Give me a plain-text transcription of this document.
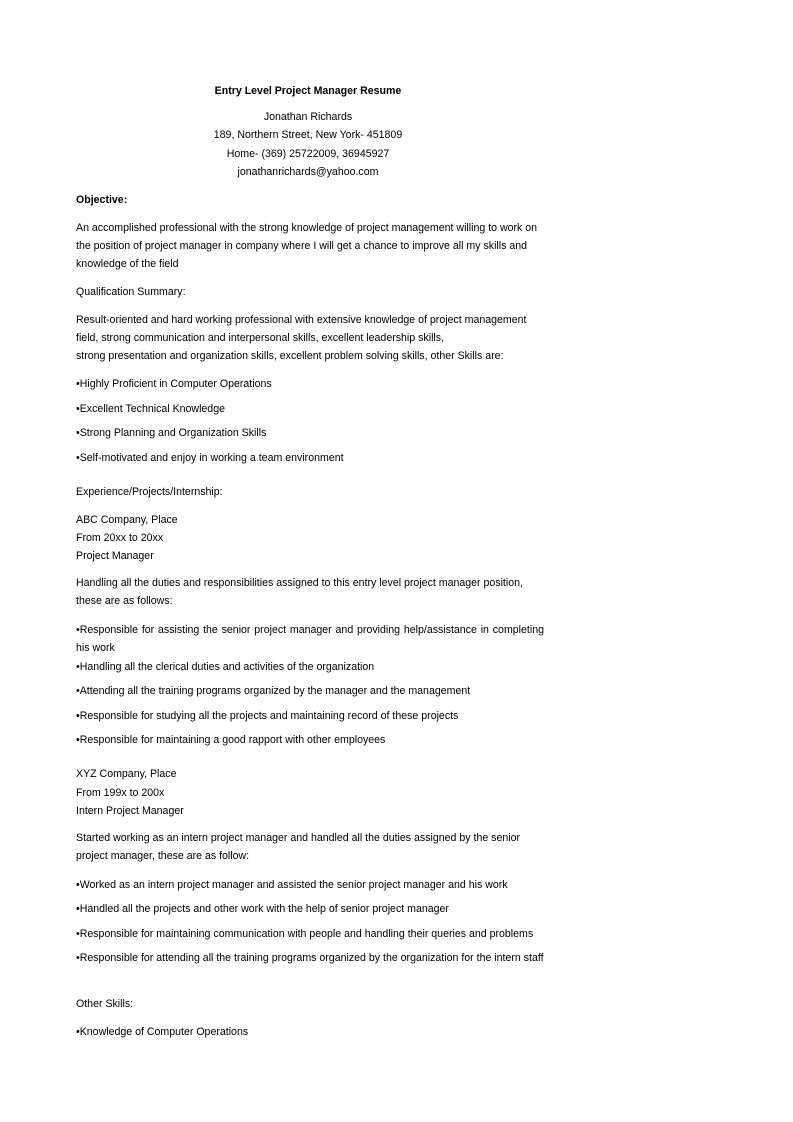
Entry Level Project Manager Resume
Jonathan Richards
189, Northern Street, New York- 451809
Home- (369) 25722009, 36945927
jonathanrichards@yahoo.com
Objective:
An accomplished professional with the strong knowledge of project management willing to work on the position of project manager in company where I will get a chance to improve all my skills and knowledge of the field
Qualification Summary:
Result-oriented and hard working professional with extensive knowledge of project management
field, strong communication and interpersonal skills, excellent leadership skills,
strong presentation and organization skills, excellent problem solving skills, other Skills are:
•Highly Proficient in Computer Operations
•Excellent Technical Knowledge
•Strong Planning and Organization Skills
•Self-motivated and enjoy in working a team environment
Experience/Projects/Internship:
ABC Company, Place
From 20xx to 20xx
Project Manager
Handling all the duties and responsibilities assigned to this entry level project manager position, these are as follows:
•Responsible for assisting the senior project manager and providing help/assistance in completing his work
•Handling all the clerical duties and activities of the organization
•Attending all the training programs organized by the manager and the management
•Responsible for studying all the projects and maintaining record of these projects
•Responsible for maintaining a good rapport with other employees
XYZ Company, Place
From 199x to 200x
Intern Project Manager
Started working as an intern project manager and handled all the duties assigned by the senior project manager, these are as follow:
•Worked as an intern project manager and assisted the senior project manager and his work
•Handled all the projects and other work with the help of senior project manager
•Responsible for maintaining communication with people and handling their queries and problems
•Responsible for attending all the training programs organized by the organization for the intern staff
Other Skills:
•Knowledge of Computer Operations
